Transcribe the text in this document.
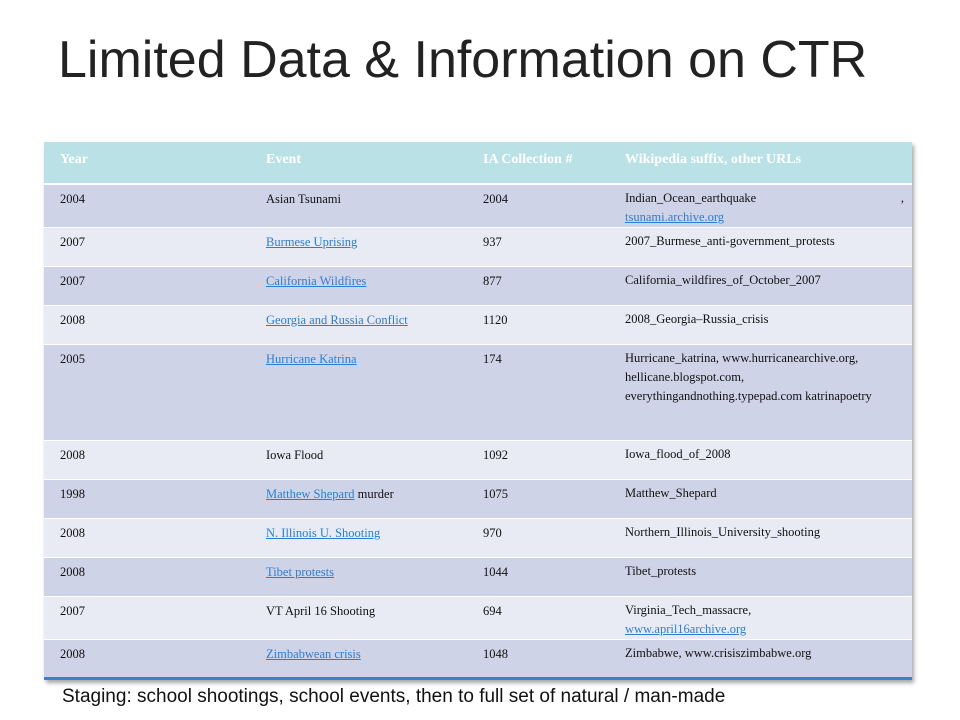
Limited Data & Information on CTR
Year	Event	IA Collection #	Wikipedia suffix, other URLs
2004	Asian Tsunami	2004	Indian_Ocean_earthquake ,
tsunami.archive.org

2007	Burmese Uprising	937	2007_Burmese_anti-government_protests

2007	California Wildfires	877	California_wildfires_of_October_2007

2008	Georgia and Russia Conflict	1120	2008_Georgia–Russia_crisis

2005	Hurricane Katrina	174	Hurricane_katrina, www.hurricanearchive.org, hellicane.blogspot.com, everythingandnothing.typepad.com katrinapoetry

2008	Iowa Flood	1092	Iowa_flood_of_2008

1998	Matthew Shepard murder	1075	Matthew_Shepard

2008	N. Illinois U. Shooting	970	Northern_Illinois_University_shooting

2008	Tibet protests	1044	Tibet_protests

2007	VT April 16 Shooting	694	Virginia_Tech_massacre,
www.april16archive.org

2008	Zimbabwean crisis	1048	Zimbabwe, www.crisiszimbabwe.org
Staging: school shootings, school events, then to full set of natural / man-made
